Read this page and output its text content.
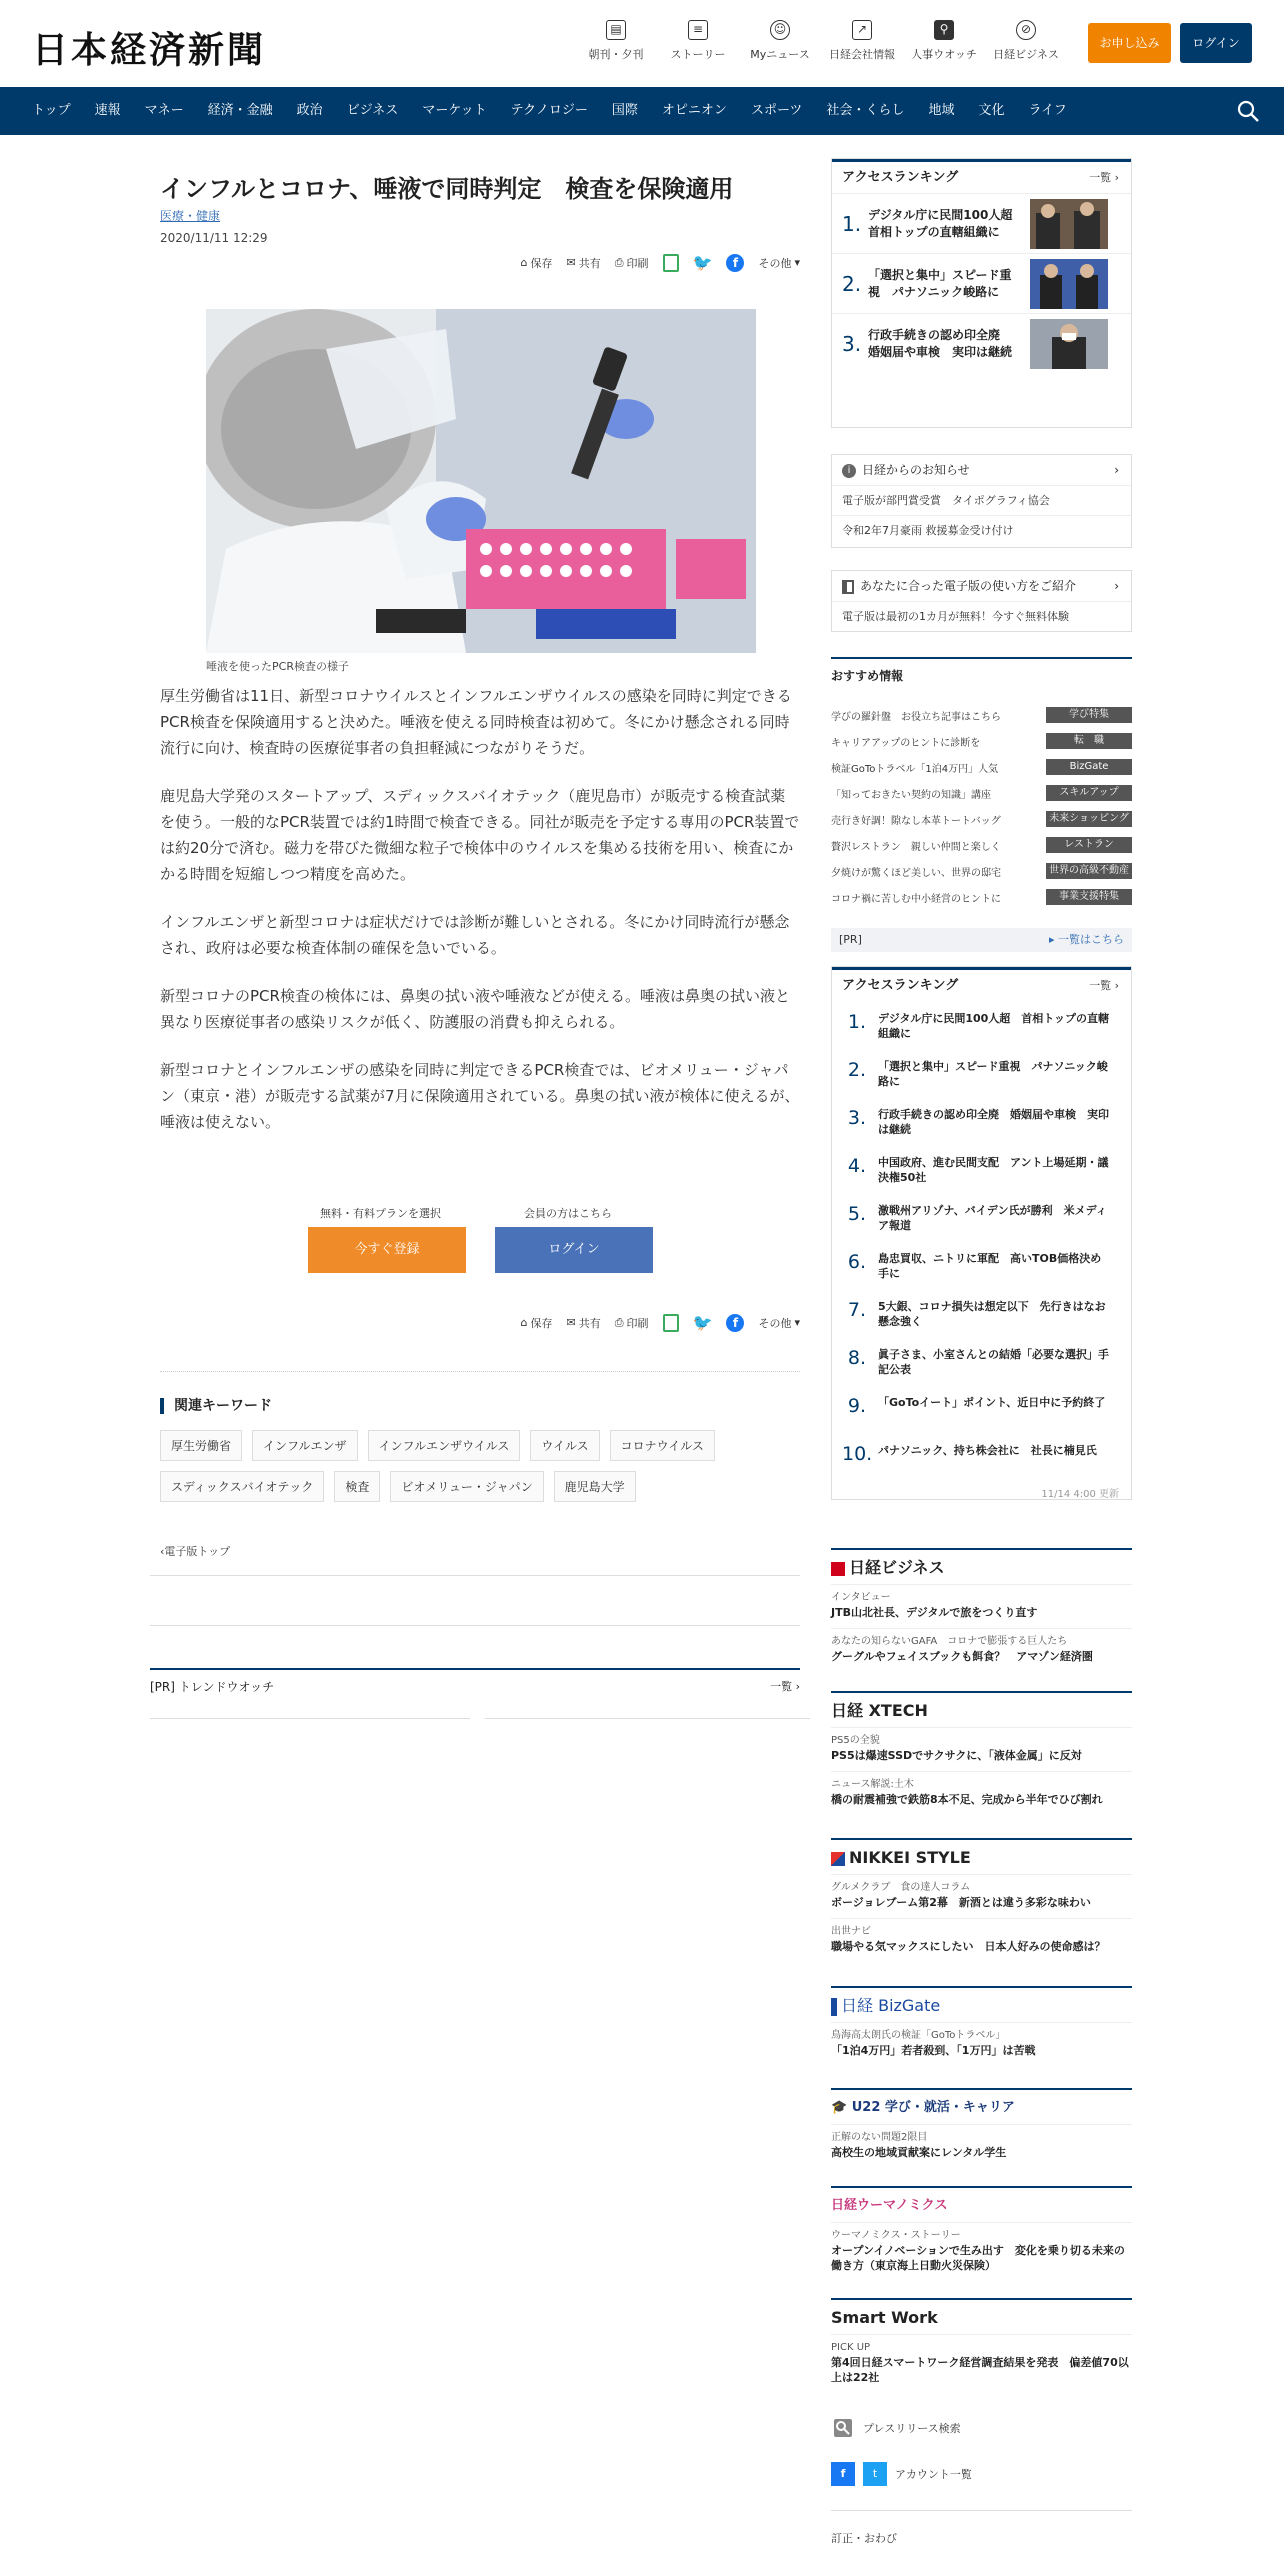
日本経済新聞	▤
朝刊・夕刊
≡
ストーリー
☺
Myニュース
↗
日経会社情報
⚲
人事ウオッチ
⊘
日経ビジネス
お申し込み	ログイン
トップ	速報	マネー	経済・金融	政治	ビジネス	マーケット	テクノロジー	国際	オピニオン	スポーツ	社会・くらし	地域	文化	ライフ
インフルとコロナ、唾液で同時判定　検査を保険適用
医療・健康
2020/11/11 12:29
⌂ 保存 ✉ 共有 ⎙ 印刷	🐦	f	その他 ▾
唾液を使ったPCR検査の様子

厚生労働省は11日、新型コロナウイルスとインフルエンザウイルスの感染を同時に判定できるPCR検査を保険適用すると決めた。唾液を使える同時検査は初めて。冬にかけ懸念される同時流行に向け、検査時の医療従事者の負担軽減につながりそうだ。

鹿児島大学発のスタートアップ、スディックスバイオテック（鹿児島市）が販売する検査試薬を使う。一般的なPCR装置では約1時間で検査できる。同社が販売を予定する専用のPCR装置では約20分で済む。磁力を帯びた微細な粒子で検体中のウイルスを集める技術を用い、検査にかかる時間を短縮しつつ精度を高めた。

インフルエンザと新型コロナは症状だけでは診断が難しいとされる。冬にかけ同時流行が懸念され、政府は必要な検査体制の確保を急いでいる。

新型コロナのPCR検査の検体には、鼻奥の拭い液や唾液などが使える。唾液は鼻奥の拭い液と異なり医療従事者の感染リスクが低く、防護服の消費も抑えられる。

新型コロナとインフルエンザの感染を同時に判定できるPCR検査では、ビオメリュー・ジャパン（東京・港）が販売する試薬が7月に保険適用されている。鼻奥の拭い液が検体に使えるが、唾液は使えない。

無料・有料プランを選択	会員の方はこちら
今すぐ登録	ログイン
⌂ 保存 ✉ 共有 ⎙ 印刷	🐦	f	その他 ▾
関連キーワード
厚生労働省	インフルエンザ	インフルエンザウイルス	ウイルス	コロナウイルス
スディックスバイオテック	検査	ビオメリュー・ジャパン	鹿児島大学
‹電子版トップ
[PR] トレンドウオッチ	一覧 ›
アクセスランキング	一覧 ›
1. デジタル庁に民間100人超　首相トップの直轄組織に
2. 「選択と集中」スピード重視　パナソニック峻路に
3. 行政手続きの認め印全廃　婚姻届や車検　実印は継続
i 日経からのお知らせ	›
電子版が部門賞受賞　タイポグラフィ協会
令和2年7月豪雨 救援募金受け付け
あなたに合った電子版の使い方をご紹介	›
電子版は最初の1カ月が無料！今すぐ無料体験
おすすめ情報
学びの羅針盤　お役立ち記事はこちら	学び特集
キャリアアップのヒントに診断を	転　職
検証GoToトラベル「1泊4万円」人気	BizGate
「知っておきたい契約の知識」講座	スキルアップ
売行き好調！隙なし本革トートバッグ	未来ショッピング
贅沢レストラン　親しい仲間と楽しく	レストラン
夕焼けが驚くほど美しい、世界の邸宅	世界の高級不動産
コロナ禍に苦しむ中小経営のヒントに	事業支援特集
[PR]	▸ 一覧はこちら
アクセスランキング	一覧 ›
1.	デジタル庁に民間100人超　首相トップの直轄組織に
2.	「選択と集中」スピード重視　パナソニック峻路に
3.	行政手続きの認め印全廃　婚姻届や車検　実印は継続
4.	中国政府、進む民間支配　アント上場延期・議決権50社
5.	激戦州アリゾナ、バイデン氏が勝利　米メディア報道
6.	島忠買収、ニトリに軍配　高いTOB価格決め手に
7.	5大銀、コロナ損失は想定以下　先行きはなお懸念強く
8.	眞子さま、小室さんとの結婚「必要な選択」手記公表
9.	「GoToイート」ポイント、近日中に予約終了
10. パナソニック、持ち株会社に　社長に楠見氏
11/14 4:00 更新
日経ビジネス
インタビュー
JTB山北社長、デジタルで旅をつくり直す
あなたの知らないGAFA　コロナで膨張する巨人たち
グーグルやフェイスブックも餌食？　アマゾン経済圏
日経 XTECH
PS5の全貌
PS5は爆速SSDでサクサクに、「液体金属」に反対
ニュース解説:土木
橋の耐震補強で鉄筋8本不足、完成から半年でひび割れ
NIKKEI STYLE
グルメクラブ　食の達人コラム
ボージョレブーム第2幕　新酒とは違う多彩な味わい
出世ナビ
職場やる気マックスにしたい　日本人好みの使命感は？
日経 BizGate
鳥海高太朗氏の検証「GoToトラベル」
「1泊4万円」若者殺到、「1万円」は苦戦
🎓 U22 学び・就活・キャリア
正解のない問題2限目
高校生の地域貢献案にレンタル学生
日経ウーマノミクス
ウーマノミクス・ストーリー
オープンイノベーションで生み出す　変化を乗り切る未来の働き方（東京海上日動火災保険）
Smart Work
PICK UP
第4回日経スマートワーク経営調査結果を発表　偏差値70以上は22社
プレスリリース検索
f	t	アカウント一覧
訂正・おわび
